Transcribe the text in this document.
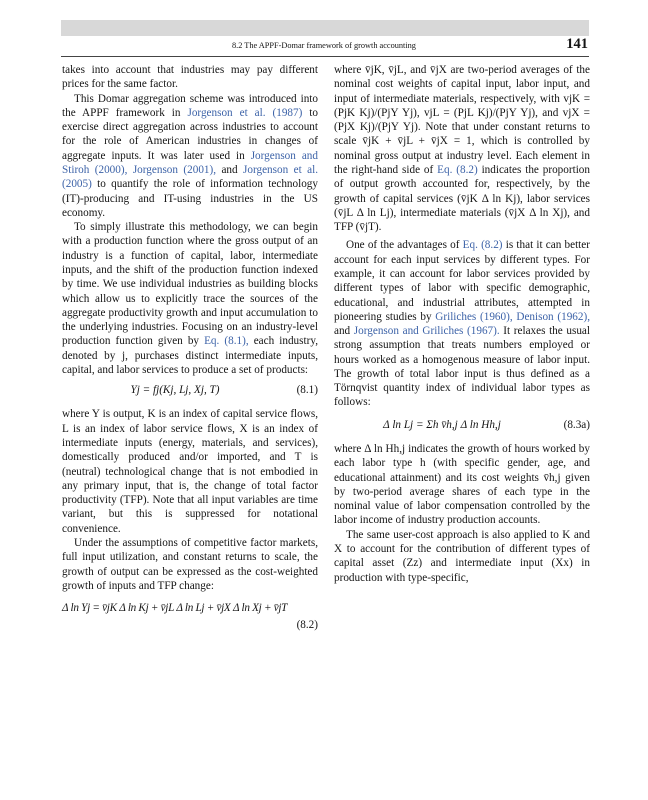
8.2 The APPF-Domar framework of growth accounting	141

takes into account that industries may pay different prices for the same factor.

This Domar aggregation scheme was introduced into the APPF framework in Jorgenson et al. (1987) to exercise direct aggregation across industries to account for the role of American industries in changes of aggregate inputs. It was later used in Jorgenson and Stiroh (2000), Jorgenson (2001), and Jorgenson et al. (2005) to quantify the role of information technology (IT)-producing and IT-using industries in the US economy.

To simply illustrate this methodology, we can begin with a production function where the gross output of an industry is a function of capital, labor, intermediate inputs, and the shift of the production function indexed by time. We use individual industries as building blocks which allow us to explicitly trace the sources of the aggregate productivity growth and input accumulation to the underlying industries. Focusing on an industry-level production function given by Eq. (8.1), each industry, denoted by j, purchases distinct intermediate inputs, capital, and labor services to produce a set of products:

Yj = fj(Kj, Lj, Xj, T)	(8.1)

where Y is output, K is an index of capital service flows, L is an index of labor service flows, X is an index of intermediate inputs (energy, materials, and services), domestically produced and/or imported, and T is (neutral) technological change that is not embodied in any primary input, that is, the change of total factor productivity (TFP). Note that all input variables are time variant, but this is suppressed for notational convenience.

Under the assumptions of competitive factor markets, full input utilization, and constant returns to scale, the growth of output can be expressed as the cost-weighted growth of inputs and TFP change:

Δ ln Yj = v̄jK Δ ln Kj + v̄jL Δ ln Lj + v̄jX Δ ln Xj + v̄jT
(8.2)

where v̄jK, v̄jL, and v̄jX are two-period averages of the nominal cost weights of capital input, labor input, and input of intermediate materials, respectively, with vjK = (PjK Kj)/(PjY Yj), vjL = (PjL Kj)/(PjY Yj), and vjX = (PjX Kj)/(PjY Yj). Note that under constant returns to scale v̄jK + v̄jL + v̄jX = 1, which is controlled by nominal gross output at industry level. Each element in the right-hand side of Eq. (8.2) indicates the proportion of output growth accounted for, respectively, by the growth of capital services (v̄jK Δ ln Kj), labor services (v̄jL Δ ln Lj), intermediate materials (v̄jX Δ ln Xj), and TFP (v̄jT).

One of the advantages of Eq. (8.2) is that it can better account for each input services by different types. For example, it can account for labor services provided by different types of labor with specific demographic, educational, and industrial attributes, attempted in pioneering studies by Griliches (1960), Denison (1962), and Jorgenson and Griliches (1967). It relaxes the usual strong assumption that treats numbers employed or hours worked as a homogenous measure of labor input. The growth of total labor input is thus defined as a Törnqvist quantity index of individual labor types as follows:

Δ ln Lj = Σh v̄h,j Δ ln Hh,j	(8.3a)

where Δ ln Hh,j indicates the growth of hours worked by each labor type h (with specific gender, age, and educational attainment) and its cost weights v̄h,j given by two-period average shares of each type in the nominal value of labor compensation controlled by the labor income of industry production accounts.

The same user-cost approach is also applied to K and X to account for the contribution of different types of capital asset (Zz) and intermediate input (Xx) in production with type-specific,
